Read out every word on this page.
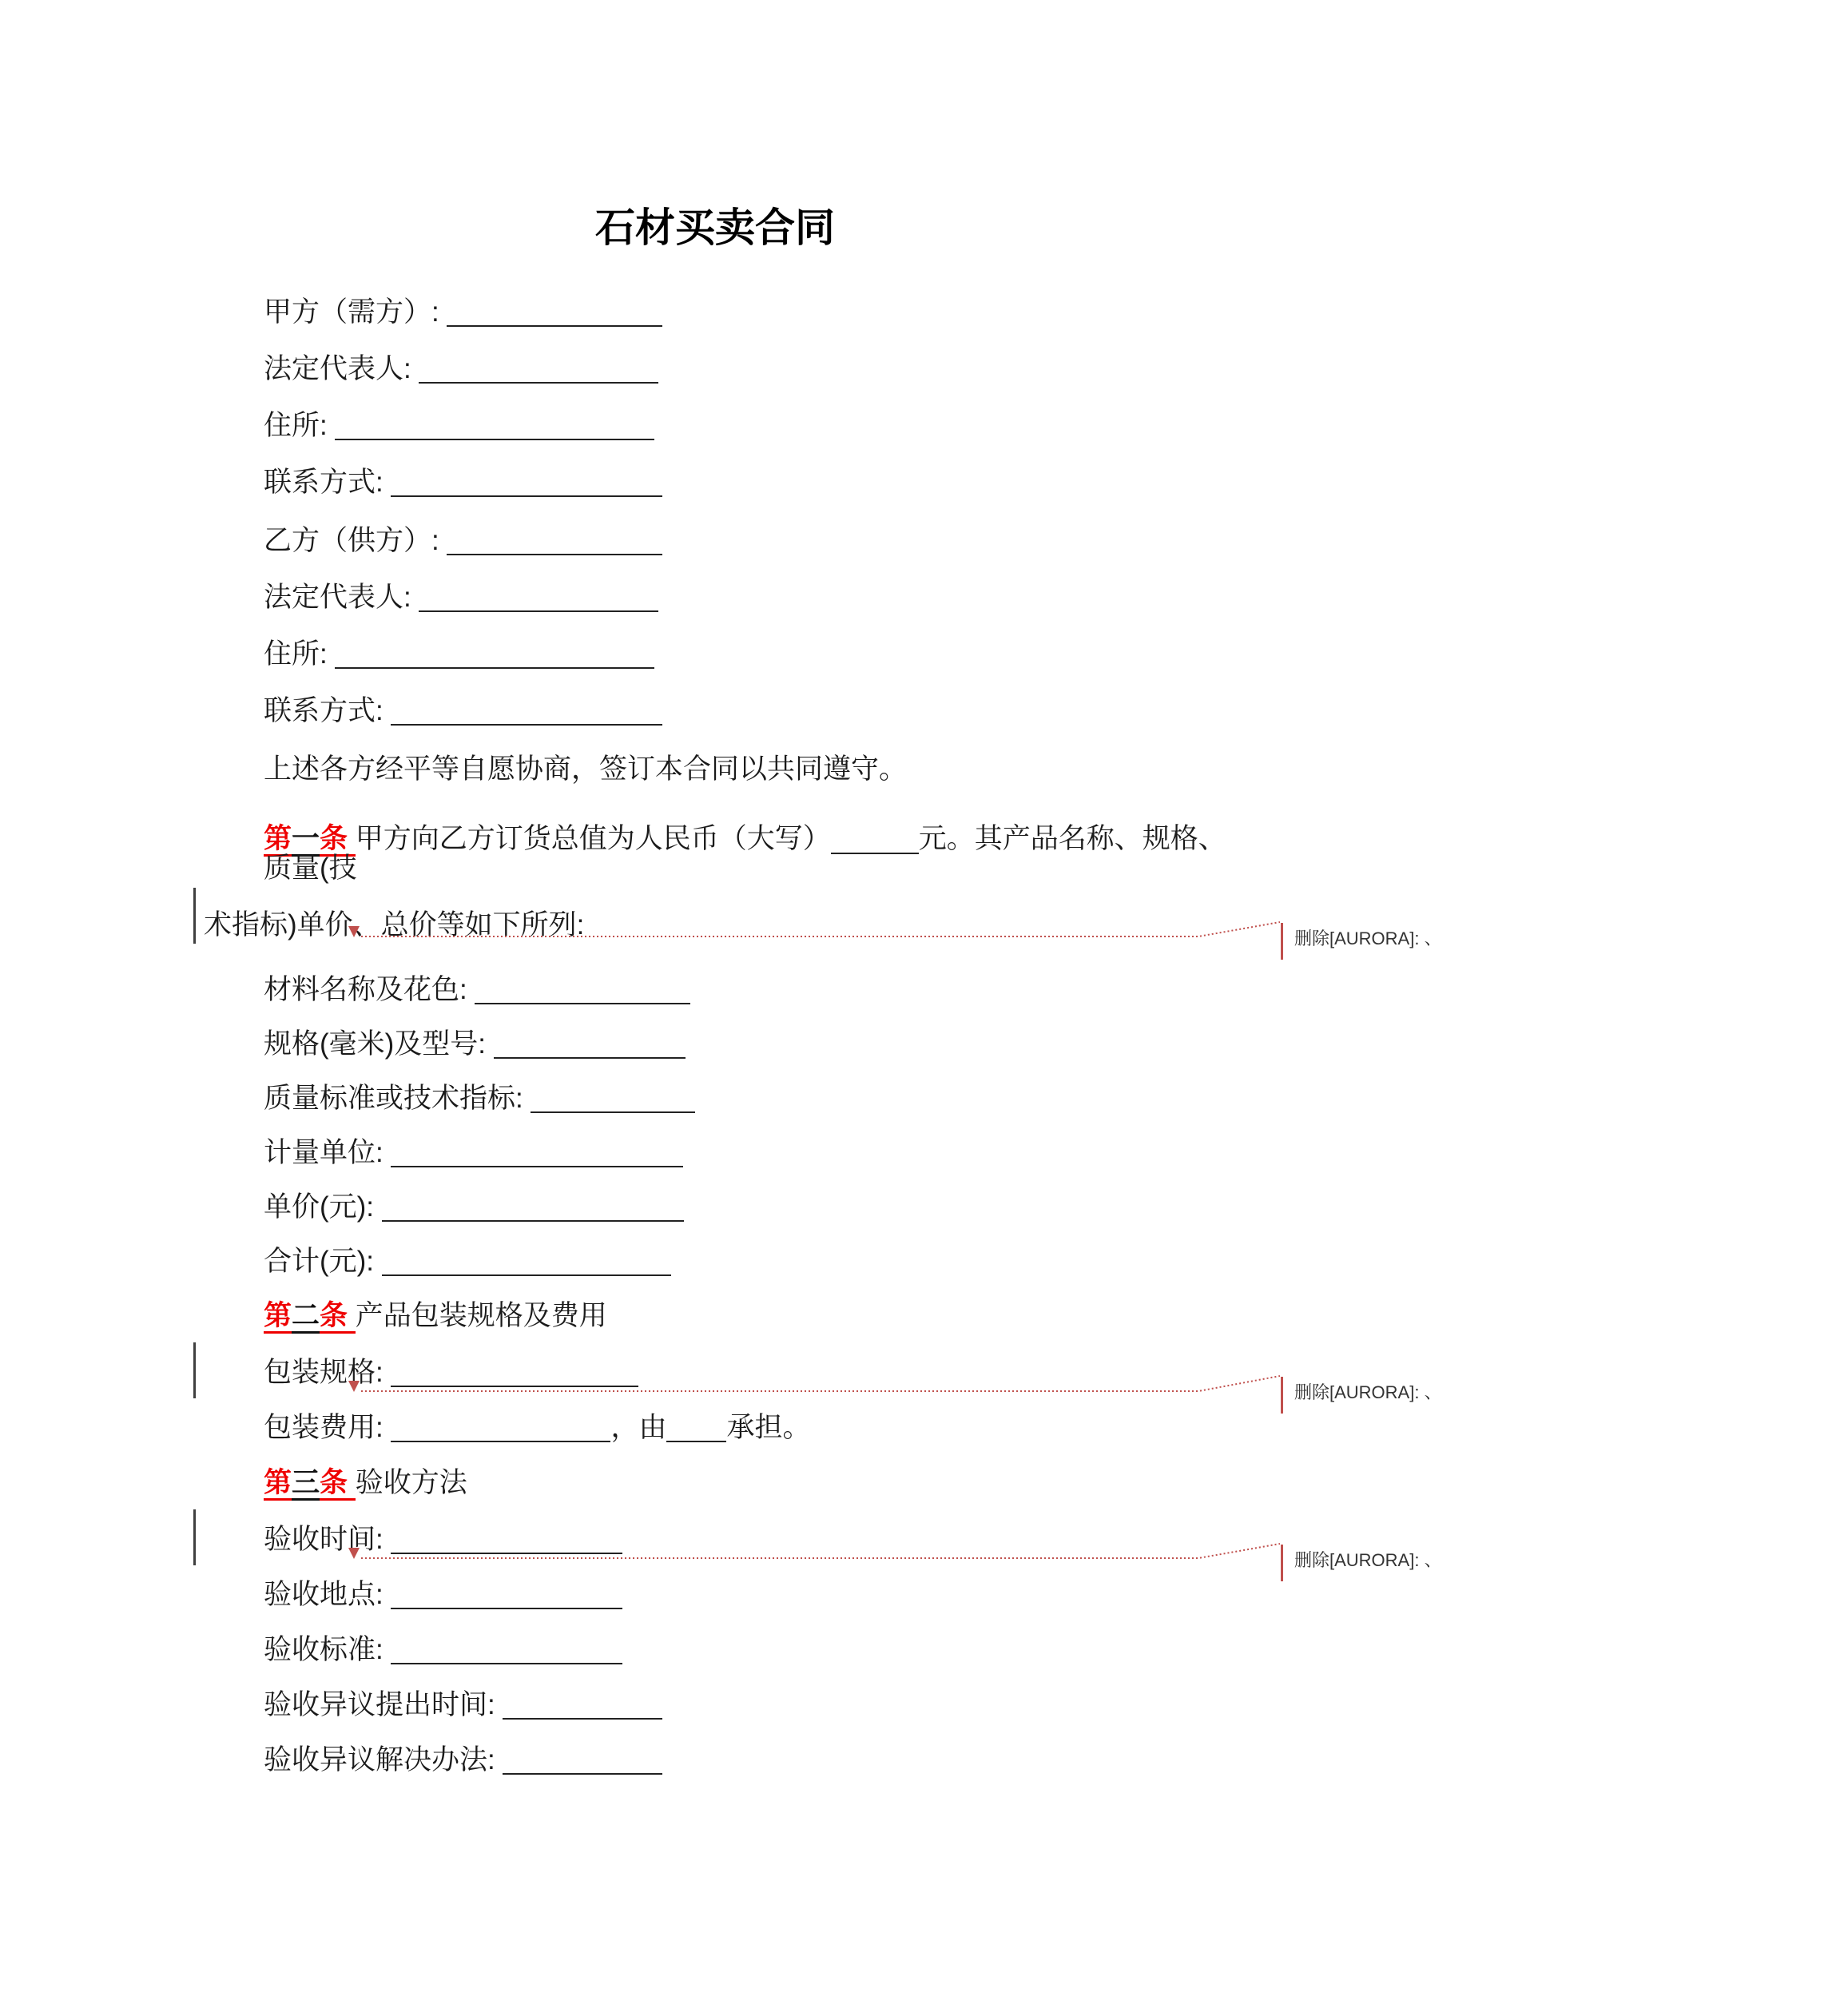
石材买卖合同

甲方（需方）:

法定代表人:

住所:

联系方式:

乙方（供方）:

法定代表人:

住所:

联系方式:

上述各方经平等自愿协商，签订本合同以共同遵守。

第一条 甲方向乙方订货总值为人民币（大写）	元。其产品名称、规格、质量(技
术指标)单价、总价等如下所列:

材料名称及花色:

规格(毫米)及型号:

质量标准或技术指标:

计量单位:

单价(元):

合计(元):

第二条 产品包装规格及费用

包装规格:

包装费用:	，由 承担。

第三条 验收方法

验收时间:

验收地点:

验收标准:

验收异议提出时间:

验收异议解决办法:

删除[AURORA]: 、
删除[AURORA]: 、
删除[AURORA]: 、
